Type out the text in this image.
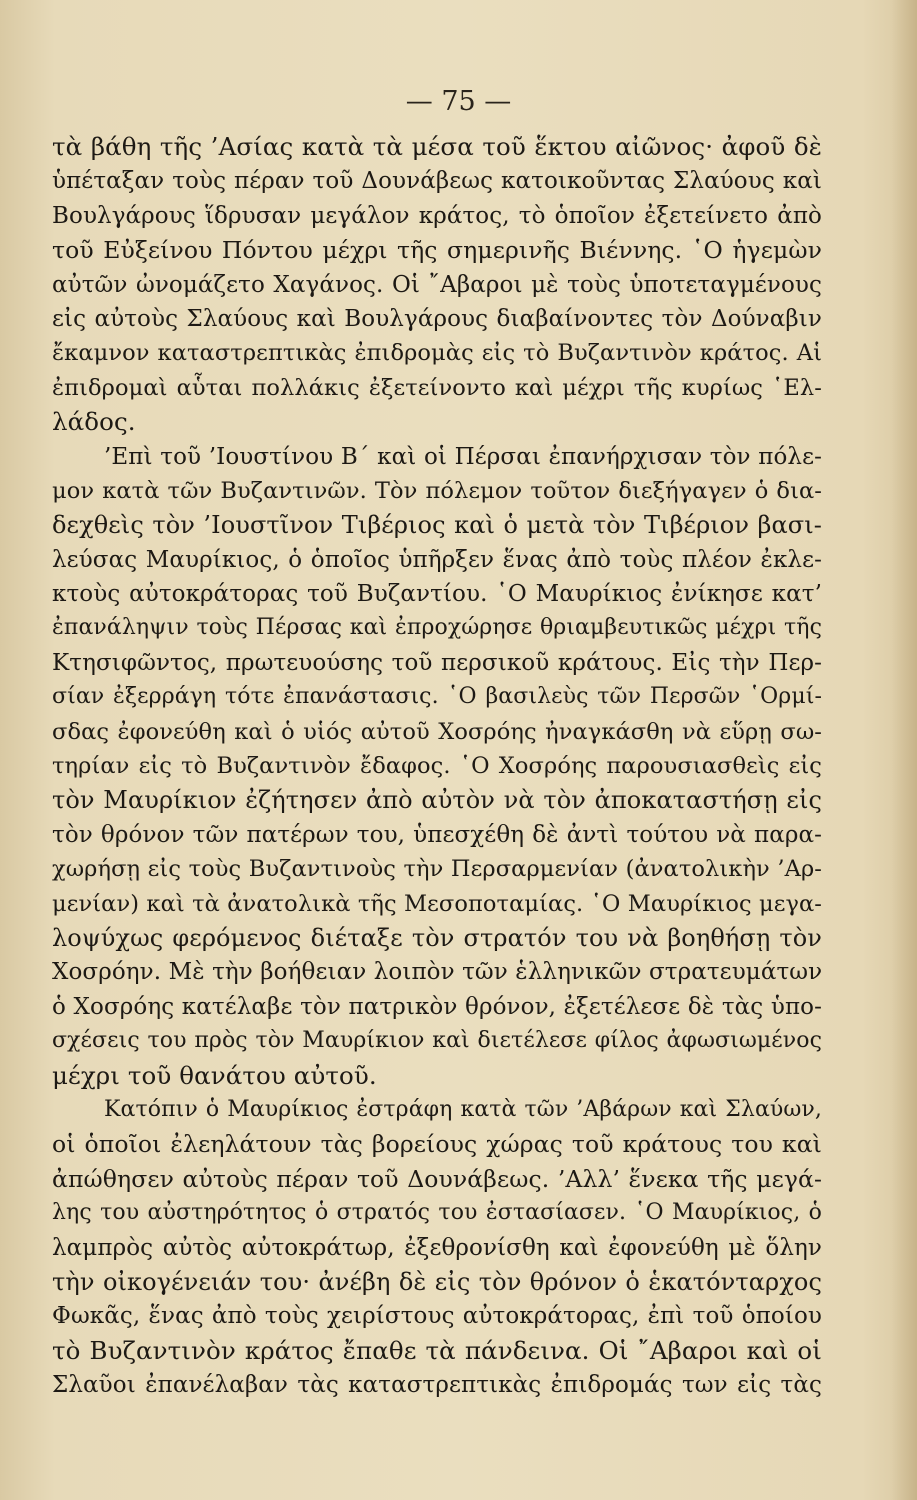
— 75 —
τὰ βάθη τῆς ’Ασίας κατὰ τὰ μέσα τοῦ ἕκτου αἰῶνος· ἀφοῦ δὲ
ὑπέταξαν τοὺς πέραν τοῦ Δουνάβεως κατοικοῦντας Σλαύους καὶ
Βουλγάρους ἵδρυσαν μεγάλον κράτος, τὸ ὁποῖον ἐξετείνετο ἀπὸ
τοῦ Εὐξείνου Πόντου μέχρι τῆς σημερινῆς Βιέννης. ῾Ο ἡγεμὼν
αὐτῶν ὠνομάζετο Χαγάνος. Οἱ ῎Αβαροι μὲ τοὺς ὑποτεταγμένους
εἰς αὐτοὺς Σλαύους καὶ Βουλγάρους διαβαίνοντες τὸν Δούναβιν
ἔκαμνον καταστρεπτικὰς ἐπιδρομὰς εἰς τὸ Βυζαντινὸν κράτος. Αἱ
ἐπιδρομαὶ αὗται πολλάκις ἐξετείνοντο καὶ μέχρι τῆς κυρίως ῾Ελ-
λάδος.
’Επὶ τοῦ ’Ιουστίνου Β΄ καὶ οἱ Πέρσαι ἐπανήρχισαν τὸν πόλε-
μον κατὰ τῶν Βυζαντινῶν. Τὸν πόλεμον τοῦτον διεξήγαγεν ὁ δια-
δεχθεὶς τὸν ’Ιουστῖνον Τιβέριος καὶ ὁ μετὰ τὸν Τιβέριον βασι-
λεύσας Μαυρίκιος, ὁ ὁποῖος ὑπῆρξεν ἕνας ἀπὸ τοὺς πλέον ἐκλε-
κτοὺς αὐτοκράτορας τοῦ Βυζαντίου. ῾Ο Μαυρίκιος ἐνίκησε κατ’
ἐπανάληψιν τοὺς Πέρσας καὶ ἐπροχώρησε θριαμβευτικῶς μέχρι τῆς
Κτησιφῶντος, πρωτευούσης τοῦ περσικοῦ κράτους. Εἰς τὴν Περ-
σίαν ἐξερράγη τότε ἐπανάστασις. ῾Ο βασιλεὺς τῶν Περσῶν ῾Ορμί-
σδας ἐφονεύθη καὶ ὁ υἱός αὐτοῦ Χοσρόης ἠναγκάσθη νὰ εὕρῃ σω-
τηρίαν εἰς τὸ Βυζαντινὸν ἔδαφος. ῾Ο Χοσρόης παρουσιασθεὶς εἰς
τὸν Μαυρίκιον ἐζήτησεν ἀπὸ αὐτὸν νὰ τὸν ἀποκαταστήσῃ εἰς
τὸν θρόνον τῶν πατέρων του, ὑπεσχέθη δὲ ἀντὶ τούτου νὰ παρα-
χωρήσῃ εἰς τοὺς Βυζαντινοὺς τὴν Περσαρμενίαν (ἀνατολικὴν ’Αρ-
μενίαν) καὶ τὰ ἀνατολικὰ τῆς Μεσοποταμίας. ῾Ο Μαυρίκιος μεγα-
λοψύχως φερόμενος διέταξε τὸν στρατόν του νὰ βοηθήσῃ τὸν
Χοσρόην. Μὲ τὴν βοήθειαν λοιπὸν τῶν ἑλληνικῶν στρατευμάτων
ὁ Χοσρόης κατέλαβε τὸν πατρικὸν θρόνον, ἐξετέλεσε δὲ τὰς ὑπο-
σχέσεις του πρὸς τὸν Μαυρίκιον καὶ διετέλεσε φίλος ἀφωσιωμένος
μέχρι τοῦ θανάτου αὐτοῦ.
Κατόπιν ὁ Μαυρίκιος ἐστράφη κατὰ τῶν ’Αβάρων καὶ Σλαύων,
οἱ ὁποῖοι ἐλεηλάτουν τὰς βορείους χώρας τοῦ κράτους του καὶ
ἀπώθησεν αὐτοὺς πέραν τοῦ Δουνάβεως. ’Αλλ’ ἕνεκα τῆς μεγά-
λης του αὐστηρότητος ὁ στρατός του ἐστασίασεν. ῾Ο Μαυρίκιος, ὁ
λαμπρὸς αὐτὸς αὐτοκράτωρ, ἐξεθρονίσθη καὶ ἐφονεύθη μὲ ὅλην
τὴν οἰκογένειάν του· ἀνέβη δὲ εἰς τὸν θρόνον ὁ ἑκατόνταρχος
Φωκᾶς, ἕνας ἀπὸ τοὺς χειρίστους αὐτοκράτορας, ἐπὶ τοῦ ὁποίου
τὸ Βυζαντινὸν κράτος ἔπαθε τὰ πάνδεινα. Οἱ ῎Αβαροι καὶ οἱ
Σλαῦοι ἐπανέλαβαν τὰς καταστρεπτικὰς ἐπιδρομάς των εἰς τὰς
